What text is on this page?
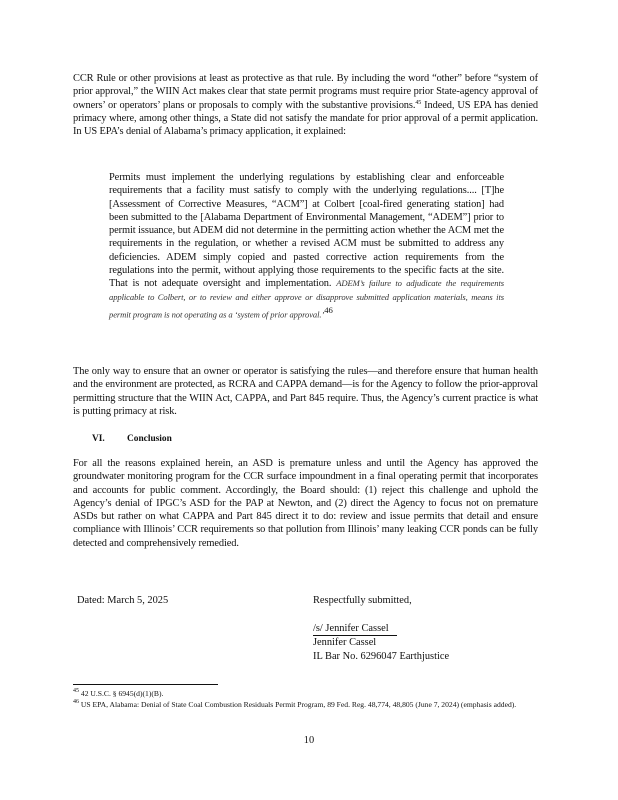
CCR Rule or other provisions at least as protective as that rule. By including the word “other” before “system of prior approval,” the WIIN Act makes clear that state permit programs must require prior State-agency approval of owners’ or operators’ plans or proposals to comply with the substantive provisions.$^{45}$ Indeed, US EPA has denied primacy where, among other things, a State did not satisfy the mandate for prior approval of a permit application. In US EPA’s denial of Alabama’s primacy application, it explained:

Permits must implement the underlying regulations by establishing clear and enforceable requirements that a facility must satisfy to comply with the underlying regulations.... [T]he [Assessment of Corrective Measures, “ACM”] at Colbert [coal-fired generating station] had been submitted to the [Alabama Department of Environmental Management, “ADEM”] prior to permit issuance, but ADEM did not determine in the permitting action whether the ACM met the requirements in the regulation, or whether a revised ACM must be submitted to address any deficiencies. ADEM simply copied and pasted corrective action requirements from the regulations into the permit, without applying those requirements to the specific facts at the site. That is not adequate oversight and implementation. ADEM’s failure to adjudicate the requirements applicable to Colbert, or to review and either approve or disapprove submitted application materials, means its permit program is not operating as a ‘system of prior approval.’$^{46}$

The only way to ensure that an owner or operator is satisfying the rules—and therefore ensure that human health and the environment are protected, as RCRA and CAPPA demand—is for the Agency to follow the prior-approval permitting structure that the WIIN Act, CAPPA, and Part 845 require. Thus, the Agency’s current practice is what is putting primacy at risk.

VI. Conclusion

For all the reasons explained herein, an ASD is premature unless and until the Agency has approved the groundwater monitoring program for the CCR surface impoundment in a final operating permit that incorporates and accounts for public comment. Accordingly, the Board should: (1) reject this challenge and uphold the Agency’s denial of IPGC’s ASD for the PAP at Newton, and (2) direct the Agency to focus not on premature ASDs but rather on what CAPPA and Part 845 direct it to do: review and issue permits that detail and ensure compliance with Illinois’ CCR requirements so that pollution from Illinois’ many leaking CCR ponds can be fully detected and comprehensively remedied.

Dated: March 5, 2025	Respectfully submitted,
/s/ Jennifer Cassel
Jennifer Cassel
IL Bar No. 6296047 Earthjustice

$^{45}$ 42 U.S.C. § 6945(d)(1)(B).

$^{46}$ US EPA, Alabama: Denial of State Coal Combustion Residuals Permit Program, 89 Fed. Reg. 48,774, 48,805 (June 7, 2024) (emphasis added).

10
